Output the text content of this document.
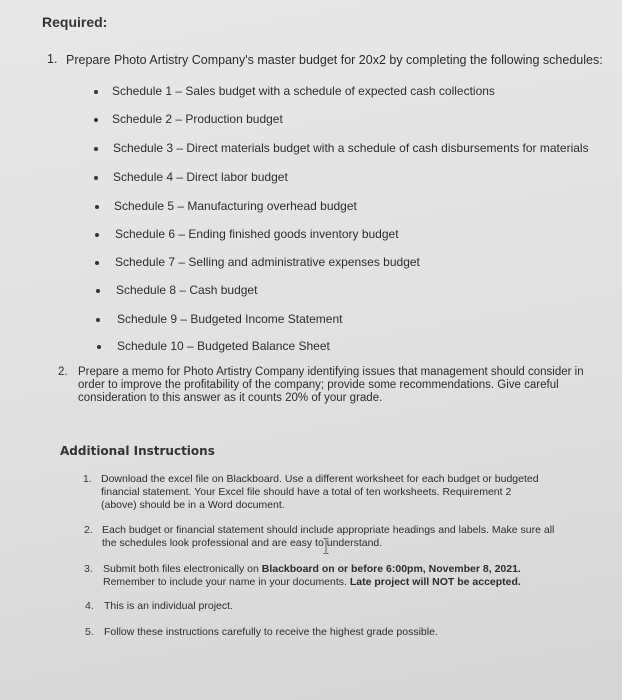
Required:
1. Prepare Photo Artistry Company's master budget for 20x2 by completing the following schedules:
Schedule 1 – Sales budget with a schedule of expected cash collections
Schedule 2 – Production budget
Schedule 3 – Direct materials budget with a schedule of cash disbursements for materials
Schedule 4 – Direct labor budget
Schedule 5 – Manufacturing overhead budget
Schedule 6 – Ending finished goods inventory budget
Schedule 7 – Selling and administrative expenses budget
Schedule 8 – Cash budget
Schedule 9 – Budgeted Income Statement
Schedule 10 – Budgeted Balance Sheet
2. Prepare a memo for Photo Artistry Company identifying issues that management should consider in
order to improve the profitability of the company; provide some recommendations. Give careful
consideration to this answer as it counts 20% of your grade.
Additional Instructions
1. Download the excel file on Blackboard. Use a different worksheet for each budget or budgeted
financial statement. Your Excel file should have a total of ten worksheets. Requirement 2
(above) should be in a Word document.
2. Each budget or financial statement should include appropriate headings and labels. Make sure all
the schedules look professional and are easy to understand.
3. Submit both files electronically on Blackboard on or before 6:00pm, November 8, 2021.
Remember to include your name in your documents. Late project will NOT be accepted.
4. This is an individual project.
5. Follow these instructions carefully to receive the highest grade possible.
